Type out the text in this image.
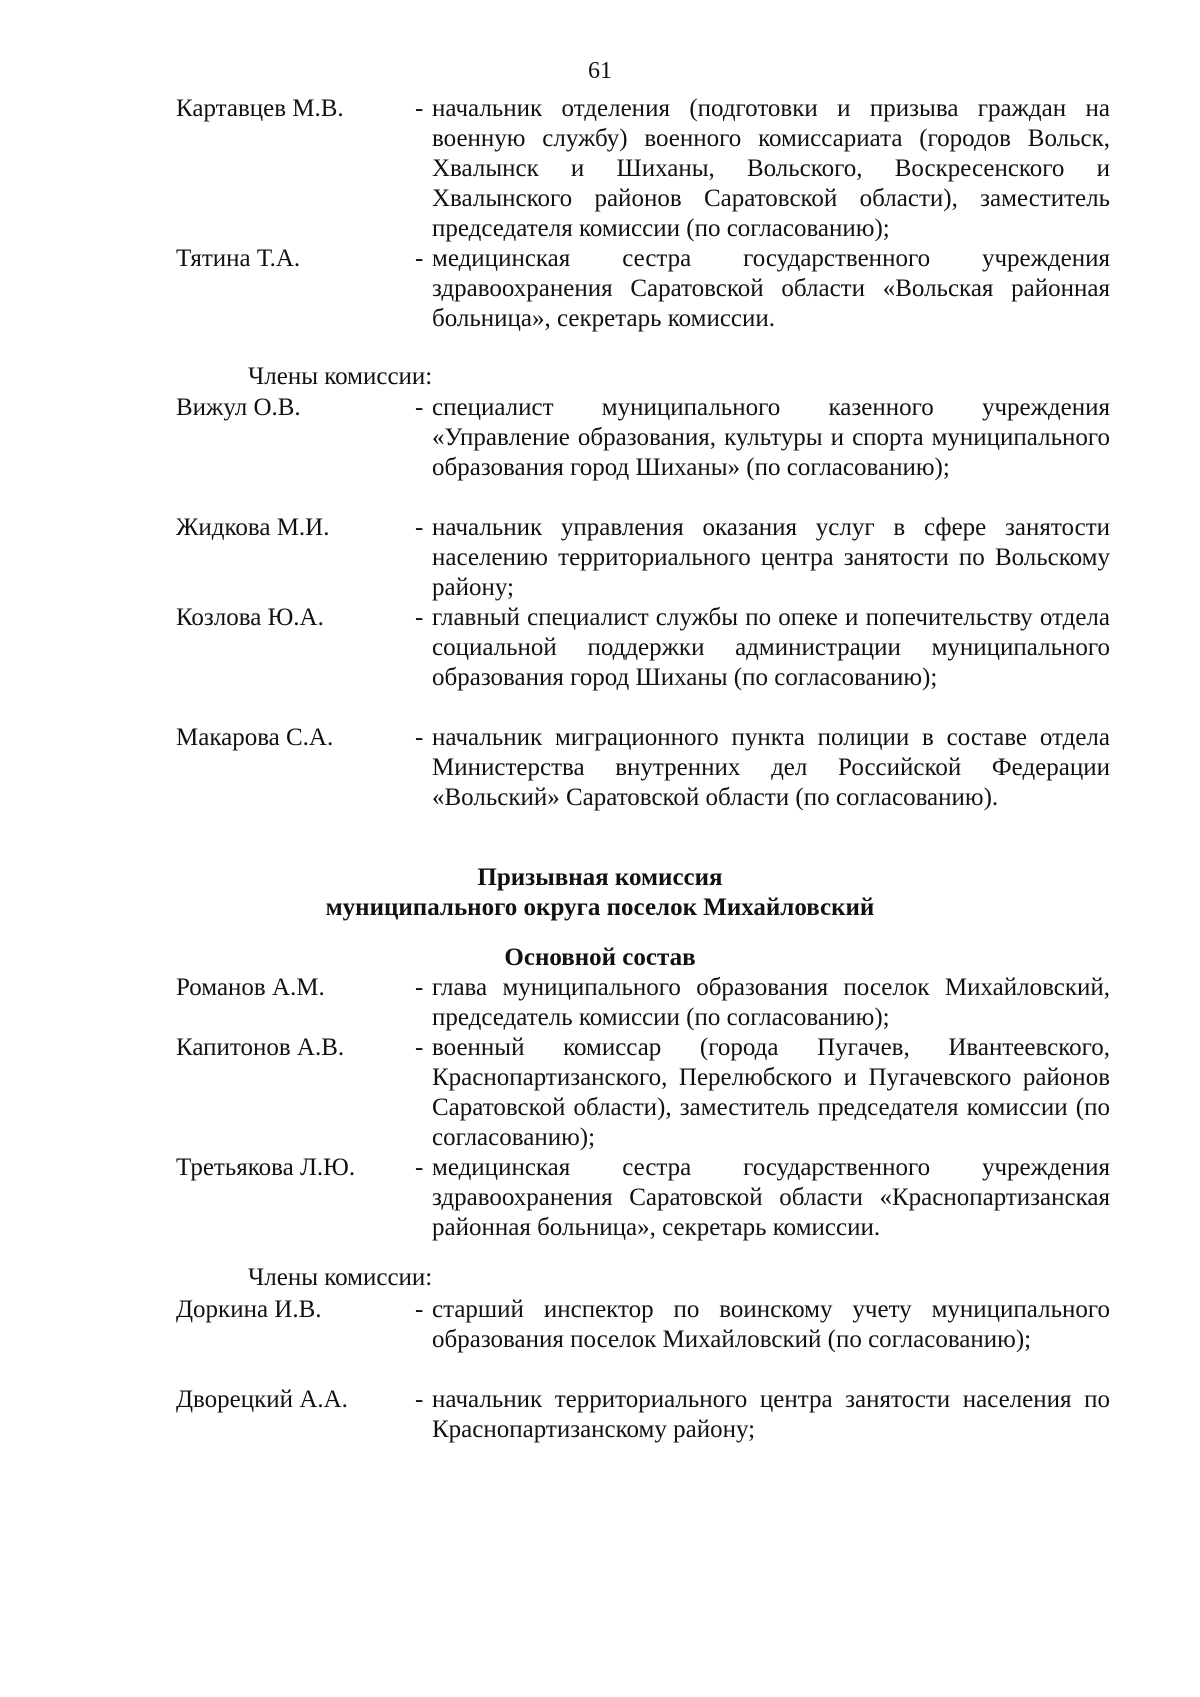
61
Картавцев М.В.	- начальник отделения (подготовки и призыва граждан на военную службу) военного комиссариата (городов Вольск, Хвалынск и Шиханы, Вольского, Воскресенского и Хвалынского районов Саратовской области), заместитель председателя комиссии (по согласованию);
Тятина Т.А.	- медицинская сестра государственного учреждения здравоохранения Саратовской области «Вольская районная больница», секретарь комиссии.
Члены комиссии:
Вижул О.В.	- специалист муниципального казенного учреждения «Управление образования, культуры и спорта муниципального образования город Шиханы» (по согласованию);
Жидкова М.И.	- начальник управления оказания услуг в сфере занятости населению территориального центра занятости по Вольскому району;
Козлова Ю.А.	- главный специалист службы по опеке и попечительству отдела социальной поддержки администрации муниципального образования город Шиханы (по согласованию);
Макарова С.А.	- начальник миграционного пункта полиции в составе отдела Министерства внутренних дел Российской Федерации «Вольский» Саратовской области (по согласованию).
Призывная комиссия
муниципального округа поселок Михайловский
Основной состав
Романов А.М.	- глава муниципального образования поселок Михайловский, председатель комиссии (по согласованию);
Капитонов А.В.	- военный комиссар (города Пугачев, Ивантеевского, Краснопартизанского, Перелюбского и Пугачевского районов Саратовской области), заместитель председателя комиссии (по согласованию);
Третьякова Л.Ю. - медицинская сестра государственного учреждения здравоохранения Саратовской области «Краснопартизанская районная больница», секретарь комиссии.
Члены комиссии:
Доркина И.В.	- старший инспектор по воинскому учету муниципального образования поселок Михайловский (по согласованию);
Дворецкий А.А.	- начальник территориального центра занятости населения по Краснопартизанскому району;
